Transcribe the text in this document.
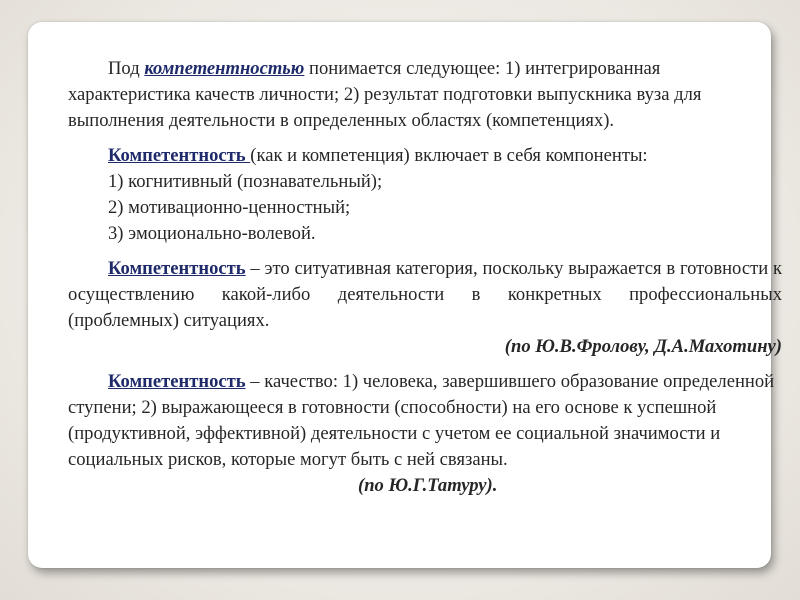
Под компетентностью понимается следующее: 1) интегрированная характеристика качеств личности; 2) результат подготовки выпускника вуза для выполнения деятельности в определенных областях (компетенциях).

Компетентность (как и компетенция) включает в себя компоненты:

1) когнитивный (познавательный);

2) мотивационно-ценностный;

3) эмоционально-волевой.

Компетентность – это ситуативная категория, поскольку выражается в готовности к осуществлению какой-либо деятельности в конкретных профессиональных (проблемных) ситуациях.

(по Ю.В.Фролову, Д.А.Махотину)

Компетентность – качество: 1) человека, завершившего образование определенной ступени; 2) выражающееся в готовности (способности) на его основе к успешной (продуктивной, эффективной) деятельности с учетом ее социальной значимости и социальных рисков, которые могут быть с ней связаны.(по Ю.Г.Татуру).
